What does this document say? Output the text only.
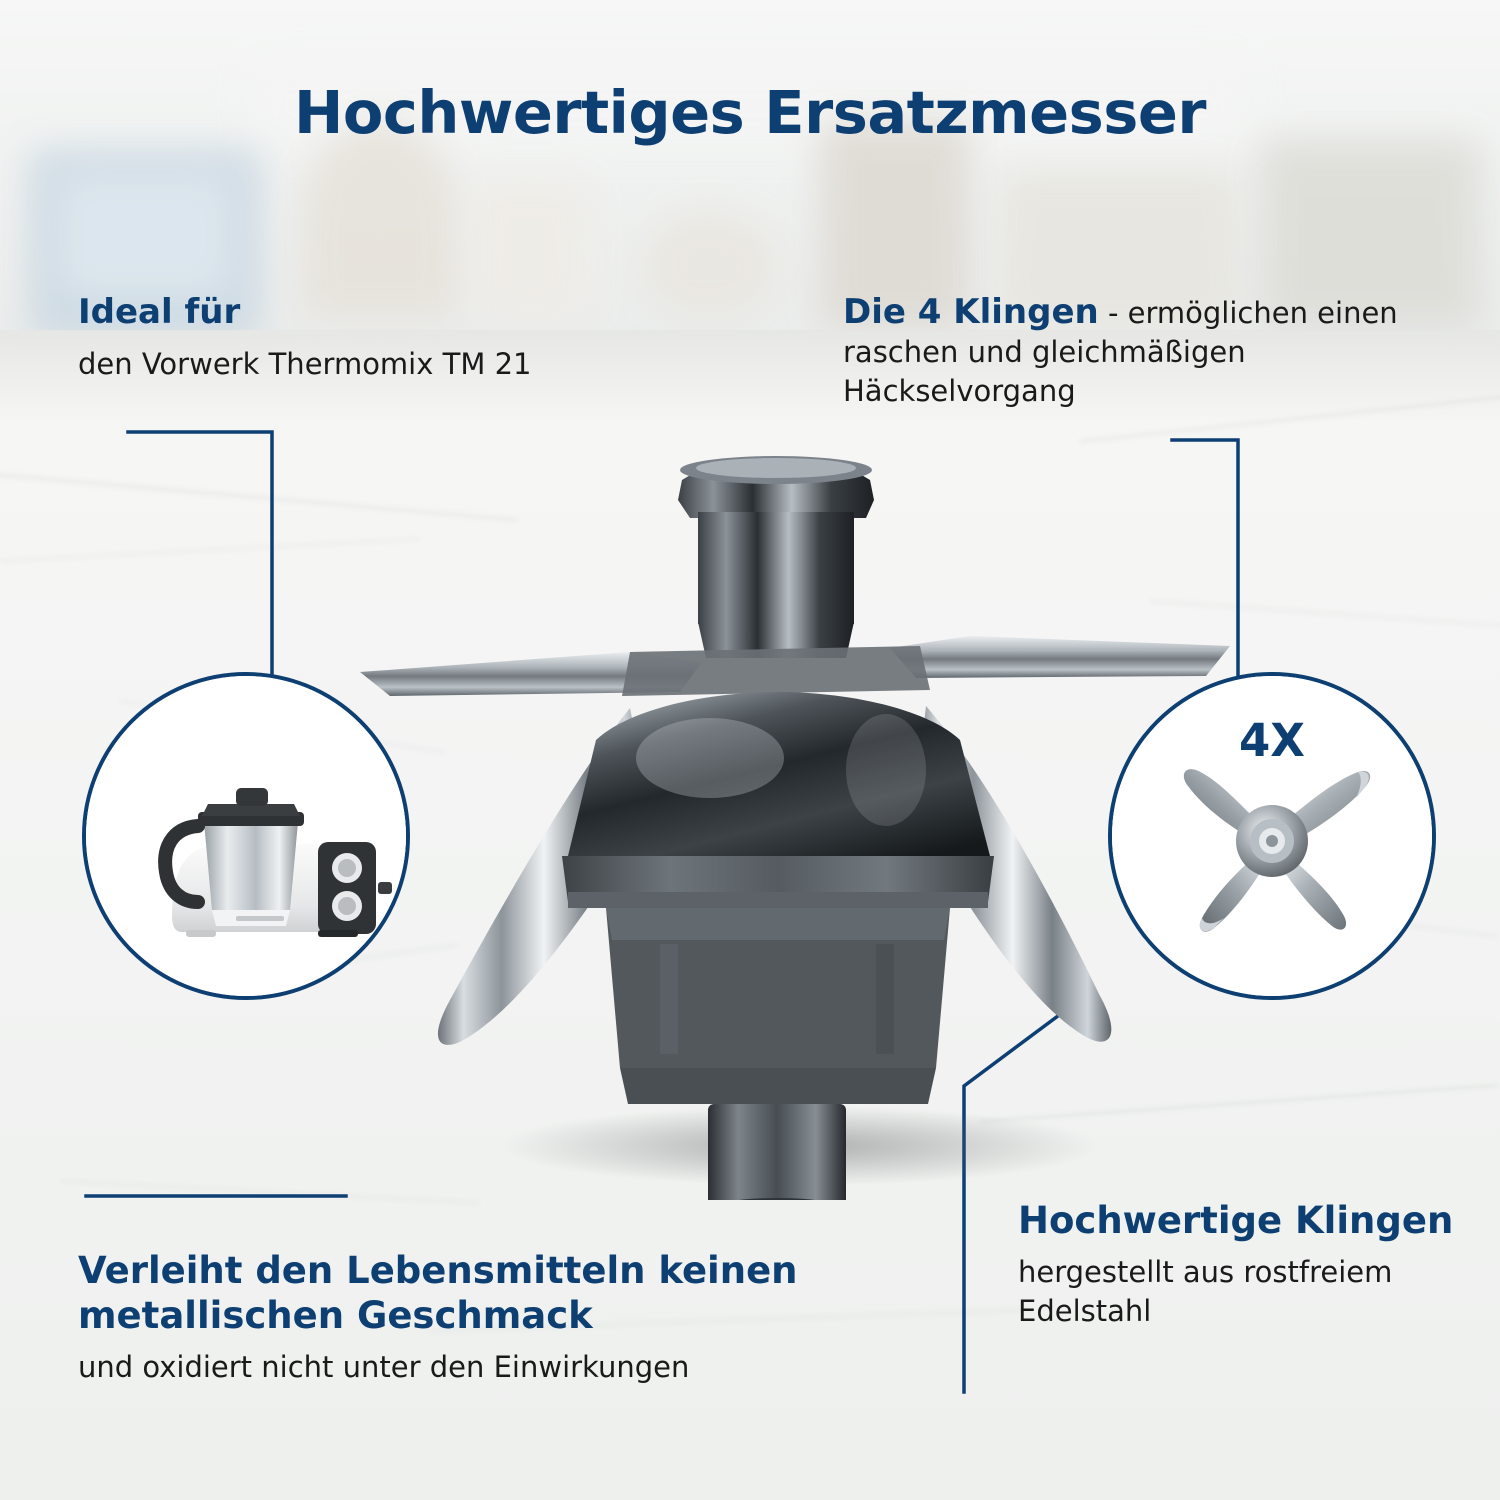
Hochwertiges Ersatzmesser
Ideal für
den Vorwerk Thermomix TM 21
Die 4 Klingen - ermöglichen einen raschen und gleichmäßigen Häckselvorgang
Verleiht den Lebensmitteln keinen metallischen Geschmack
und oxidiert nicht unter den Einwirkungen
Hochwertige Klingen
hergestellt aus rostfreiem Edelstahl
4X
